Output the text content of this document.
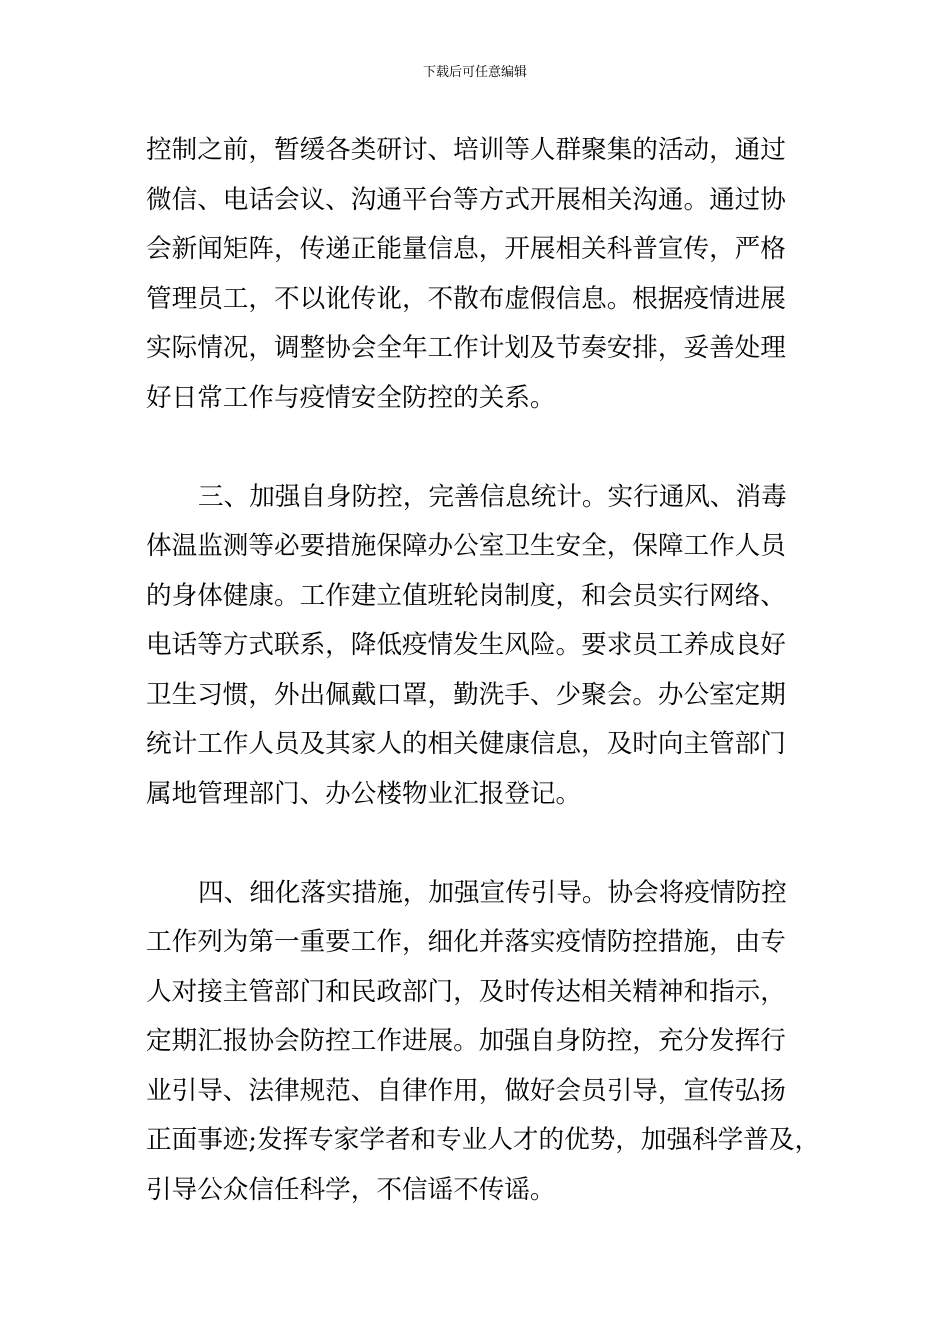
下载后可任意编辑
控制之前，暂缓各类研讨、培训等人群聚集的活动，通过
微信、电话会议、沟通平台等方式开展相关沟通。通过协
会新闻矩阵，传递正能量信息，开展相关科普宣传，严格
管理员工，不以讹传讹，不散布虚假信息。根据疫情进展
实际情况，调整协会全年工作计划及节奏安排，妥善处理
好日常工作与疫情安全防控的关系。
三、加强自身防控，完善信息统计。实行通风、消毒
体温监测等必要措施保障办公室卫生安全，保障工作人员
的身体健康。工作建立值班轮岗制度，和会员实行网络、
电话等方式联系，降低疫情发生风险。要求员工养成良好
卫生习惯，外出佩戴口罩，勤洗手、少聚会。办公室定期
统计工作人员及其家人的相关健康信息，及时向主管部门
属地管理部门、办公楼物业汇报登记。
四、细化落实措施，加强宣传引导。协会将疫情防控
工作列为第一重要工作，细化并落实疫情防控措施，由专
人对接主管部门和民政部门，及时传达相关精神和指示，
定期汇报协会防控工作进展。加强自身防控，充分发挥行
业引导、法律规范、自律作用，做好会员引导，宣传弘扬
正面事迹;发挥专家学者和专业人才的优势，加强科学普及，
引导公众信任科学，不信谣不传谣。
